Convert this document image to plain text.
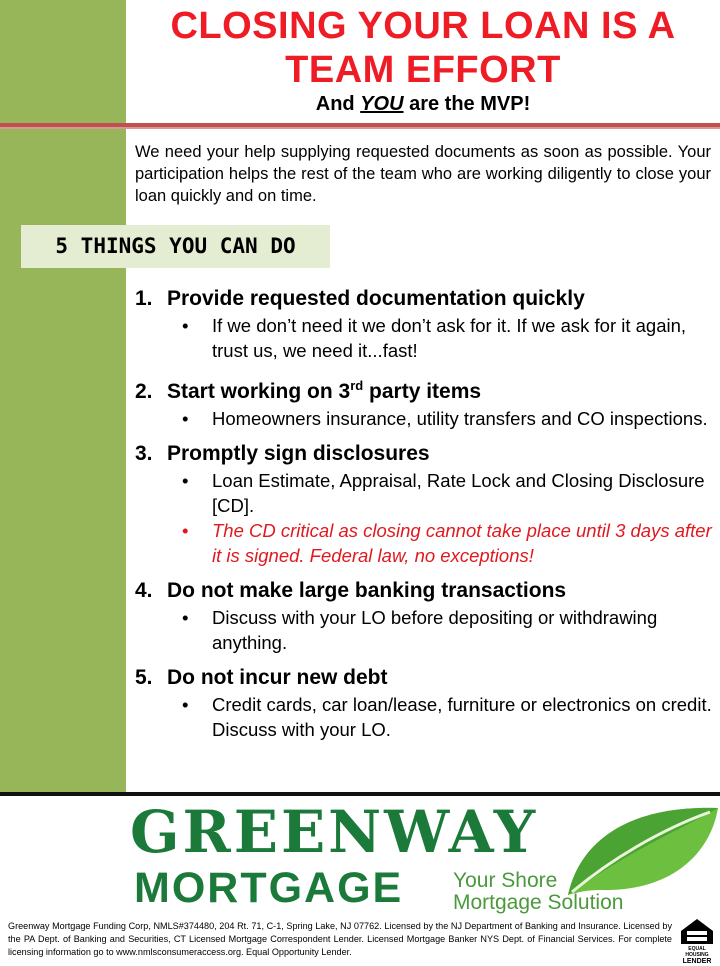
CLOSING YOUR LOAN IS A
TEAM EFFORT
And YOU are the MVP!
We need your help supplying requested documents as soon as possible. Your participation helps the rest of the team who are working diligently to close your loan quickly and on time.
5 THINGS YOU CAN DO
1. Provide requested documentation quickly
• If we don’t need it we don’t ask for it. If we ask for it again, trust us, we need it...fast!
2. Start working on 3rd party items
• Homeowners insurance, utility transfers and CO inspections.
3. Promptly sign disclosures
• Loan Estimate, Appraisal, Rate Lock and Closing Disclosure [CD].
• The CD critical as closing cannot take place until 3 days after it is signed. Federal law, no exceptions!
4. Do not make large banking transactions
• Discuss with your LO before depositing or withdrawing anything.
5. Do not incur new debt
• Credit cards, car loan/lease, furniture or electronics on credit. Discuss with your LO.
GREENWAY
MORTGAGE Your Shore
Mortgage Solution
Greenway Mortgage Funding Corp, NMLS#374480, 204 Rt. 71, C-1, Spring Lake, NJ 07762. Licensed by the NJ Department of Banking and Insurance. Licensed by the PA Dept. of Banking and Securities, CT Licensed Mortgage Correspondent Lender. Licensed Mortgage Banker NYS Dept. of Financial Services. For complete licensing information go to www.nmlsconsumeraccess.org. Equal Opportunity Lender.	EQUAL HOUSING
LENDER
